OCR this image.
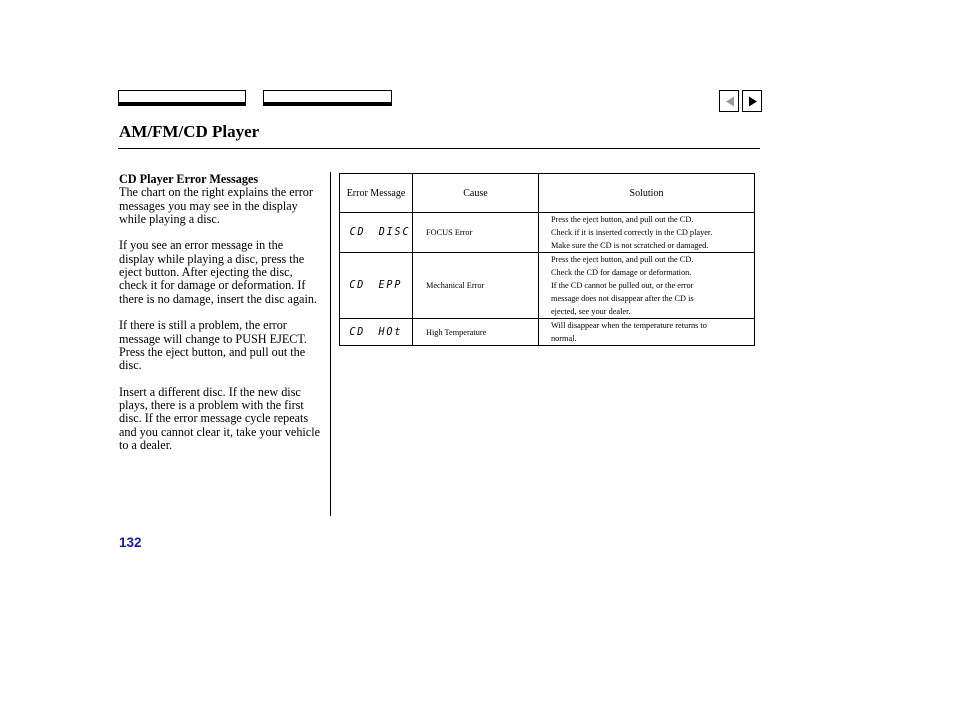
AM/FM/CD Player
CD Player Error Messages

The chart on the right explains the error messages you may see in the display while playing a disc.

If you see an error message in the display while playing a disc, press the eject button. After ejecting the disc, check it for damage or deformation. If there is no damage, insert the disc again.

If there is still a problem, the error message will change to PUSH EJECT. Press the eject button, and pull out the disc.

Insert a different disc. If the new disc plays, there is a problem with the first disc. If the error message cycle repeats and you cannot clear it, take your vehicle to a dealer.

Error Message	Cause	Solution
CD DISC	FOCUS Error	Press the eject button, and pull out the CD.
Check if it is inserted correctly in the CD player.
Make sure the CD is not scratched or damaged.

CD EPP	Mechanical Error	Press the eject button, and pull out the CD.
Check the CD for damage or deformation.
If the CD cannot be pulled out, or the error
message does not disappear after the CD is
ejected, see your dealer.

CD HOt	High Temperature	Will disappear when the temperature returns to
normal.
132
